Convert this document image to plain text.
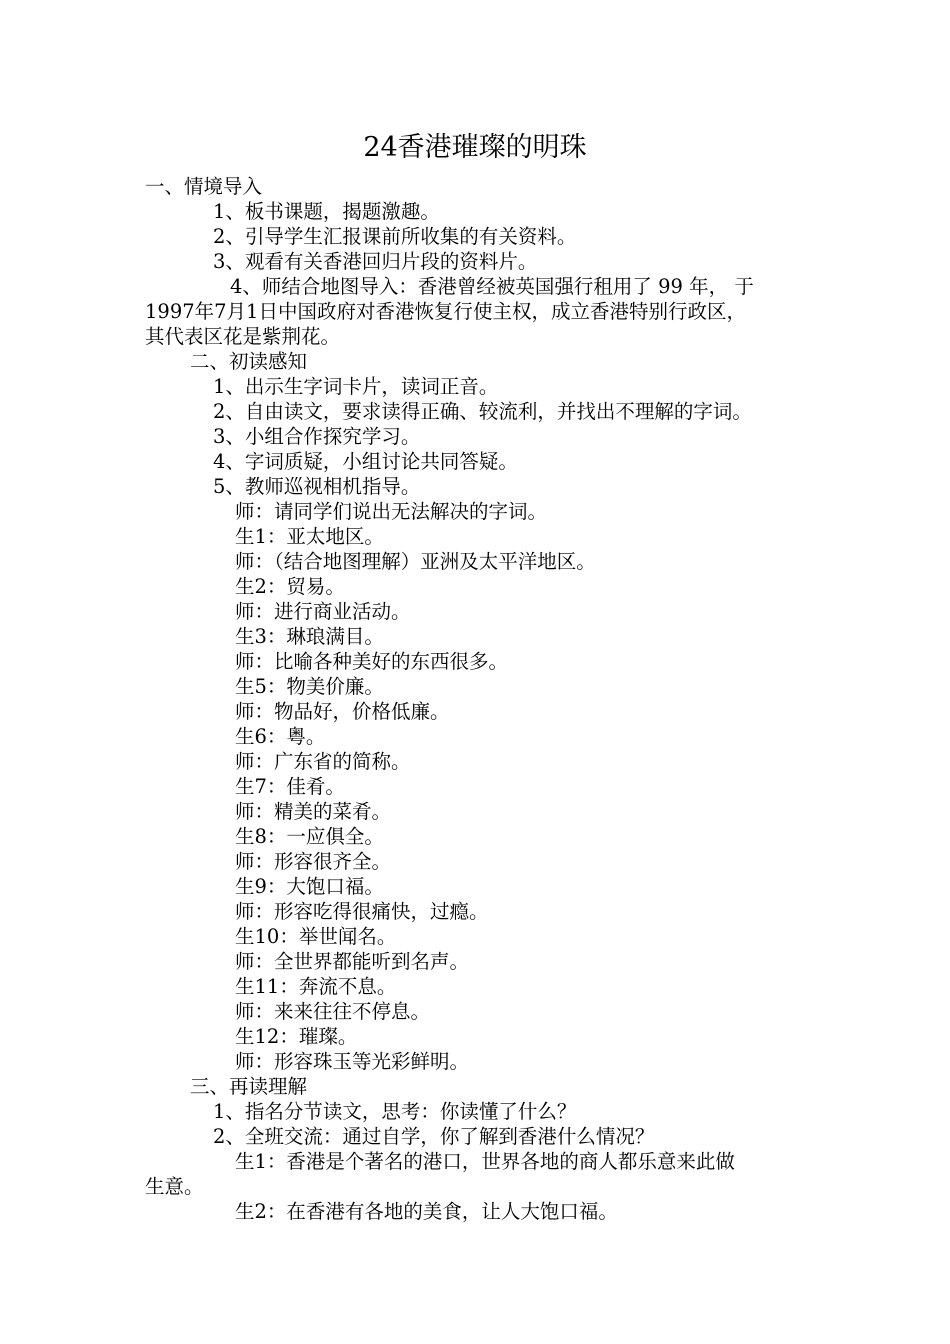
24香港璀璨的明珠
一、情境导入
1、板书课题，揭题激趣。
2、引导学生汇报课前所收集的有关资料。
3、观看有关香港回归片段的资料片。
4、师结合地图导入：香港曾经被英国强行租用了 99 年， 于
1997年7月1日中国政府对香港恢复行使主权，成立香港特别行政区，
其代表区花是紫荆花。
二、初读感知
1、出示生字词卡片，读词正音。
2、自由读文，要求读得正确、较流利，并找出不理解的字词。
3、小组合作探究学习。
4、字词质疑，小组讨论共同答疑。
5、教师巡视相机指导。
师：请同学们说出无法解决的字词。
生1：亚太地区。
师：（结合地图理解）亚洲及太平洋地区。
生2：贸易。
师：进行商业活动。
生3：琳琅满目。
师：比喻各种美好的东西很多。
生5：物美价廉。
师：物品好，价格低廉。
生6：粤。
师：广东省的简称。
生7：佳肴。
师：精美的菜肴。
生8：一应俱全。
师：形容很齐全。
生9：大饱口福。
师：形容吃得很痛快，过瘾。
生10：举世闻名。
师：全世界都能听到名声。
生11：奔流不息。
师：来来往往不停息。
生12：璀璨。
师：形容珠玉等光彩鲜明。
三、再读理解
1、指名分节读文，思考：你读懂了什么？
2、全班交流：通过自学，你了解到香港什么情况？
生1：香港是个著名的港口，世界各地的商人都乐意来此做
生意。
生2：在香港有各地的美食，让人大饱口福。
